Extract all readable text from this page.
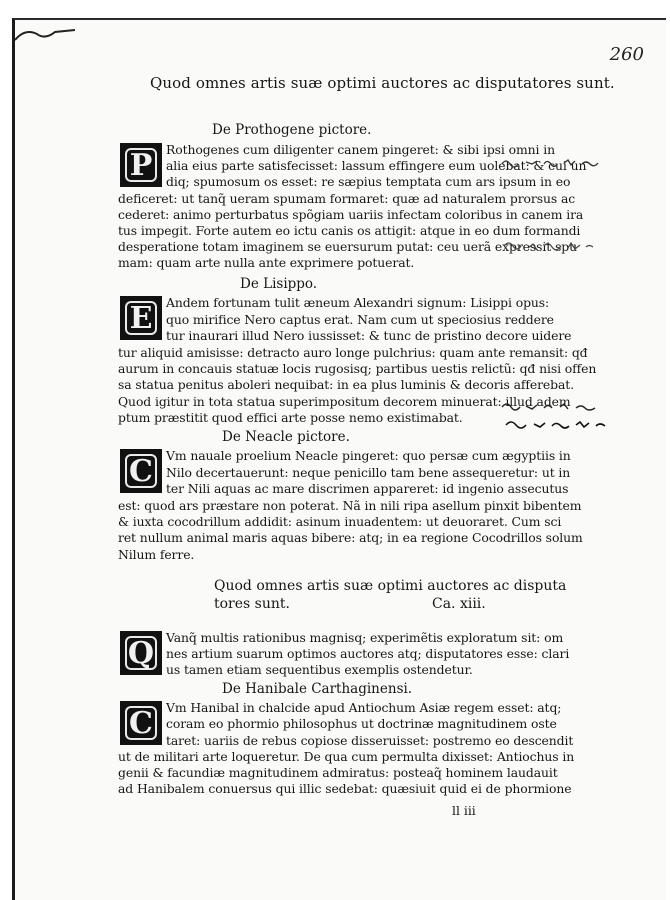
260
Quod omnes artis suæ optimi auctores ac disputatores sunt.
De Prothogene pictore.
P	Rothogenes cum diligenter canem pingeret: & sibi ipsi omni in
alia eius parte satisfecisset: lassum effingere eum uolebat: & cui un
diq; spumosum os esset: re sæpius temptata cum ars ipsum in eo
deficeret: ut tanq̃ ueram spumam formaret: quæ ad naturalem prorsus ac
cederet: animo perturbatus spõgiam uariis infectam coloribus in canem ira
tus impegit. Forte autem eo ictu canis os attigit: atque in eo dum formandi
desperatione totam imaginem se euersurum putat: ceu uerã expressit spu
mam: quam arte nulla ante exprimere potuerat.
De Lisippo.
E	Andem fortunam tulit æneum Alexandri signum: Lisippi opus:
quo mirifice Nero captus erat. Nam cum ut speciosius reddere
tur inaurari illud Nero iussisset: & tunc de pristino decore uidere
tur aliquid amisisse: detracto auro longe pulchrius: quam ante remansit: qđ
aurum in concauis statuæ locis rugosisq; partibus uestis relictũ: qđ nisi offen
sa statua penitus aboleri nequibat: in ea plus luminis & decoris afferebat.
Quod igitur in tota statua superimpositum decorem minuerat: illud adem
ptum præstitit quod effici arte posse nemo existimabat.
De Neacle pictore.
C	Vm nauale proelium Neacle pingeret: quo persæ cum ægyptiis in
Nilo decertauerunt: neque penicillo tam bene assequeretur: ut in
ter Nili aquas ac mare discrimen appareret: id ingenio assecutus
est: quod ars præstare non poterat. Nã in nili ripa asellum pinxit bibentem
& iuxta cocodrillum addidit: asinum inuadentem: ut deuoraret. Cum sci
ret nullum animal maris aquas bibere: atq; in ea regione Cocodrillos solum
Nilum ferre.
Quod omnes artis suæ optimi auctores ac disputa
tores sunt.	Ca. xiii.
Q Vanq̃ multis rationibus magnisq; experimẽtis exploratum sit: om
nes artium suarum optimos auctores atq; disputatores esse: clari
us tamen etiam sequentibus exemplis ostendetur.
De Hanibale Carthaginensi.
C	Vm Hanibal in chalcide apud Antiochum Asiæ regem esset: atq;
coram eo phormio philosophus ut doctrinæ magnitudinem oste
taret: uariis de rebus copiose disseruisset: postremo eo descendit
ut de militari arte loqueretur. De qua cum permulta dixisset: Antiochus in
genii & facundiæ magnitudinem admiratus: posteaq̃ hominem laudauit
ad Hanibalem conuersus qui illic sedebat: quæsiuit quid ei de phormione
ll iii
